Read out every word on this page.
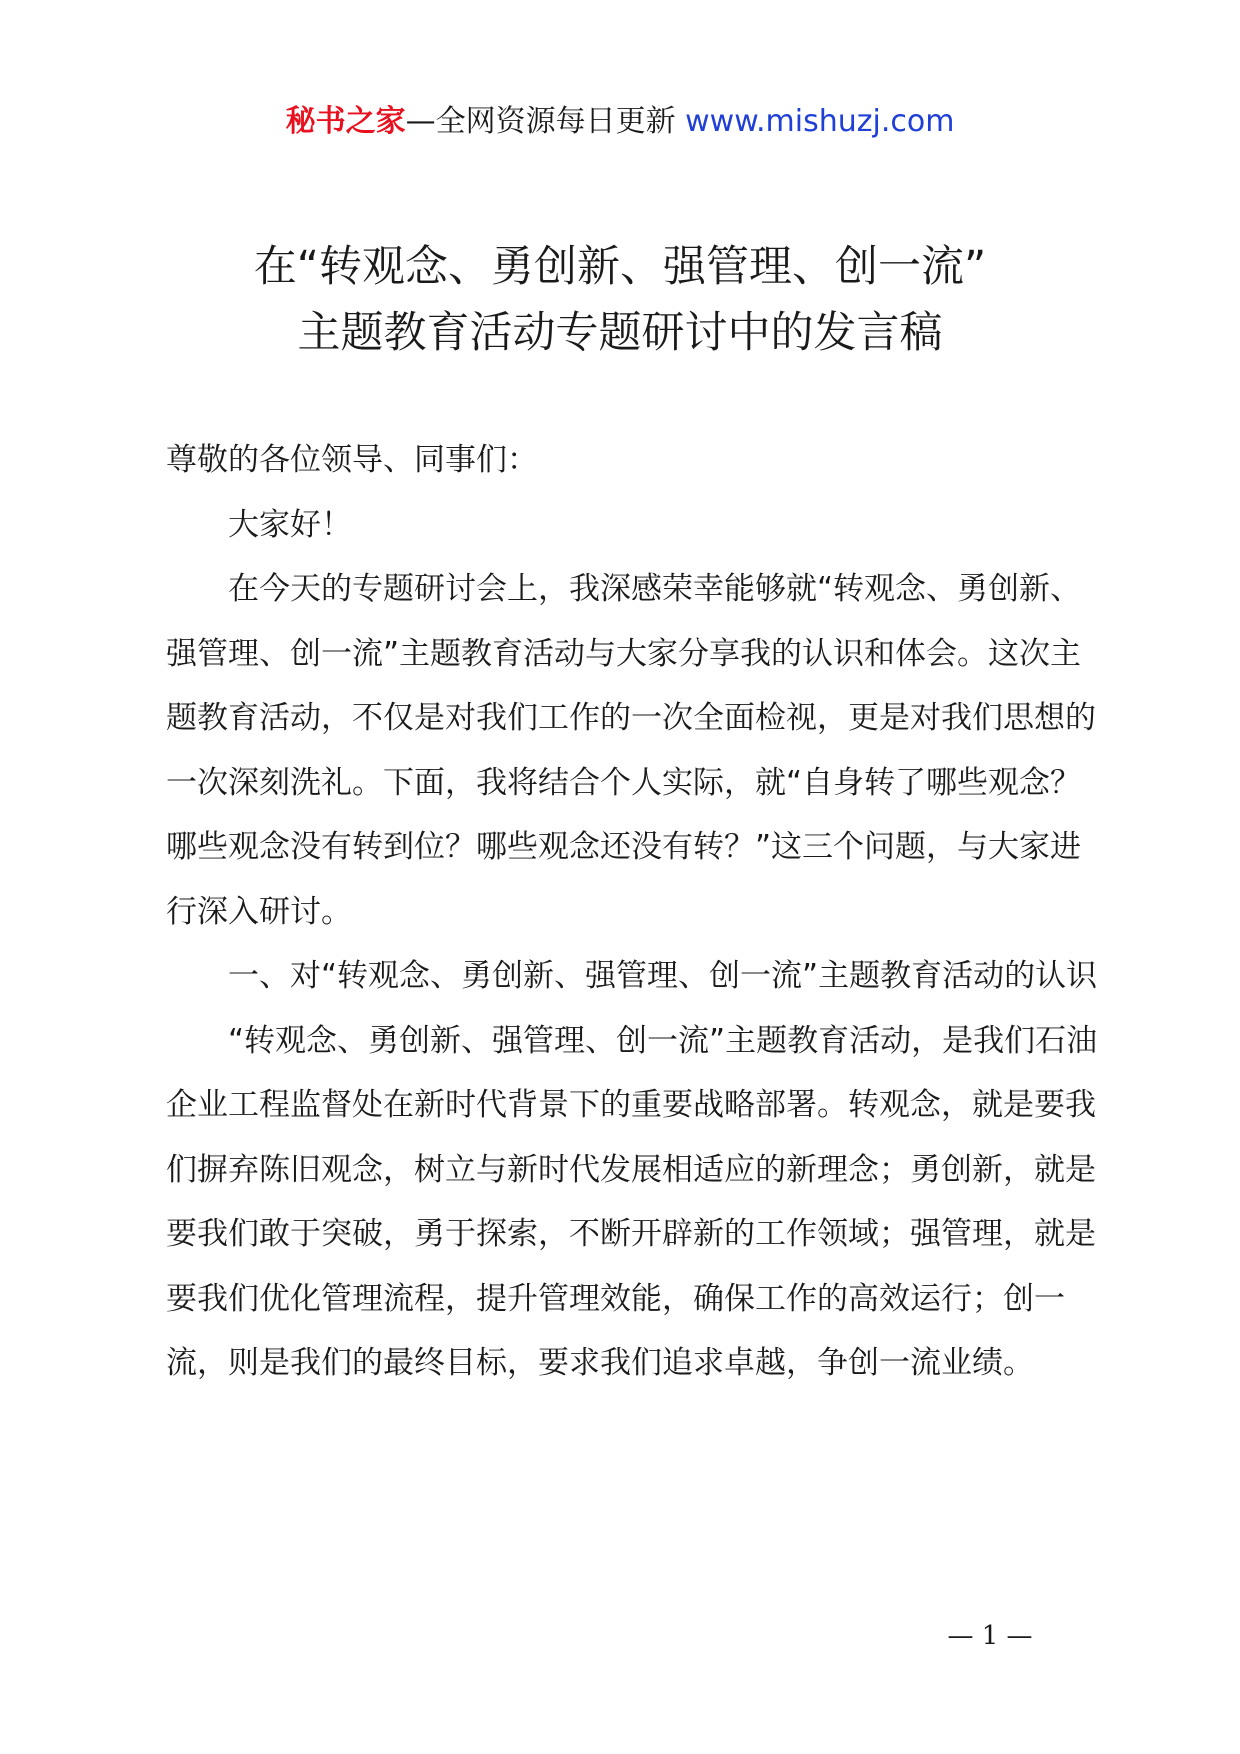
秘书之家—全网资源每日更新 www.mishuzj.com
在“转观念、勇创新、强管理、创一流”
主题教育活动专题研讨中的发言稿

尊敬的各位领导、同事们：

大家好！

在今天的专题研讨会上，我深感荣幸能够就“转观念、勇创新、强管理、创一流”主题教育活动与大家分享我的认识和体会。这次主题教育活动，不仅是对我们工作的一次全面检视，更是对我们思想的一次深刻洗礼。下面，我将结合个人实际，就“自身转了哪些观念？哪些观念没有转到位？哪些观念还没有转？”这三个问题，与大家进行深入研讨。

一、对“转观念、勇创新、强管理、创一流”主题教育活动的认识

“转观念、勇创新、强管理、创一流”主题教育活动，是我们石油企业工程监督处在新时代背景下的重要战略部署。转观念，就是要我们摒弃陈旧观念，树立与新时代发展相适应的新理念；勇创新，就是要我们敢于突破，勇于探索，不断开辟新的工作领域；强管理，就是要我们优化管理流程，提升管理效能，确保工作的高效运行；创一流，则是我们的最终目标，要求我们追求卓越，争创一流业绩。

— 1 —
